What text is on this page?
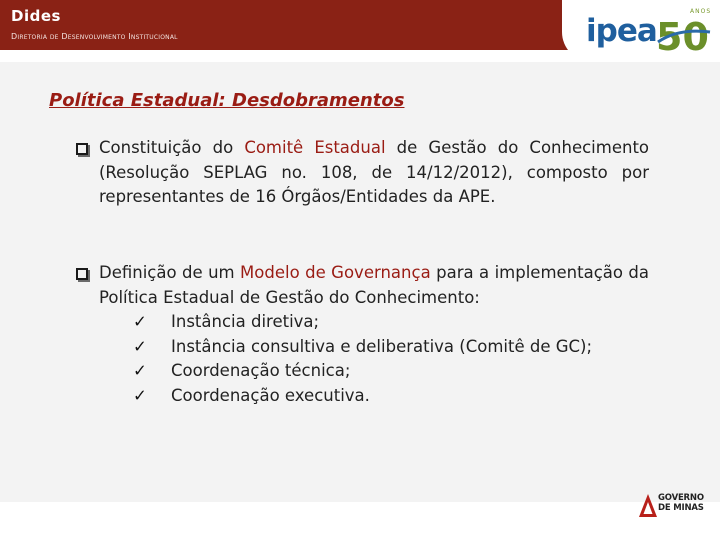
Dides
Diretoria de Desenvolvimento Institucional	ipea
ANOS
50
Política Estadual: Desdobramentos

Constituição do Comitê Estadual de Gestão do Conhecimento (Resolução SEPLAG no. 108, de 14/12/2012), composto por representantes de 16 Órgãos/Entidades da APE.

Definição de um Modelo de Governança para a implementação da Política Estadual de Gestão do Conhecimento:

✓ Instância diretiva;
✓ Instância consultiva e deliberativa (Comitê de GC);
✓ Coordenação técnica;
✓ Coordenação executiva.
GOVERNO
DE MINAS
